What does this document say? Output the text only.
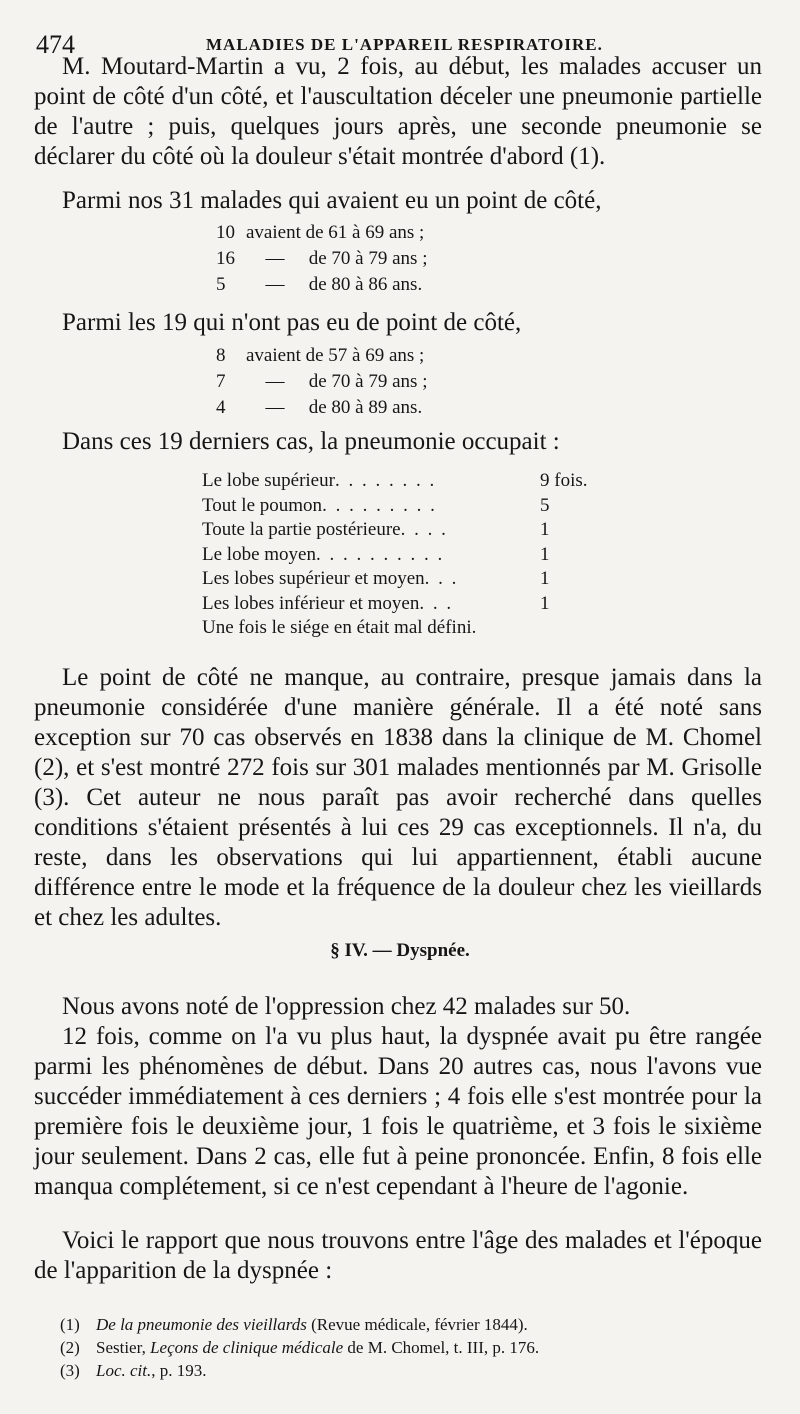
474	MALADIES DE L'APPAREIL RESPIRATOIRE.

M. Moutard-Martin a vu, 2 fois, au début, les malades accuser un point de côté d'un côté, et l'auscultation déceler une pneumonie partielle de l'autre ; puis, quelques jours après, une seconde pneumonie se déclarer du côté où la douleur s'était montrée d'abord (1).

Parmi nos 31 malades qui avaient eu un point de côté,

10 avaient de 61 à 69 ans ;
16 — de 70 à 79 ans ;
5 — de 80 à 86 ans.

Parmi les 19 qui n'ont pas eu de point de côté,

8 avaient de 57 à 69 ans ;
7 — de 70 à 79 ans ;
4 — de 80 à 89 ans.

Dans ces 19 derniers cas, la pneumonie occupait :

Le lobe supérieur. . . . . . . .	9 fois.
Tout le poumon. . . . . . . . .	5
Toute la partie postérieure. . . .	1
Le lobe moyen. . . . . . . . . .	1
Les lobes supérieur et moyen. . .	1
Les lobes inférieur et moyen. . .	1
Une fois le siége en était mal défini.

Le point de côté ne manque, au contraire, presque jamais dans la pneumonie considérée d'une manière générale. Il a été noté sans exception sur 70 cas observés en 1838 dans la clinique de M. Chomel (2), et s'est montré 272 fois sur 301 malades mentionnés par M. Grisolle (3). Cet auteur ne nous paraît pas avoir recherché dans quelles conditions s'étaient présentés à lui ces 29 cas exceptionnels. Il n'a, du reste, dans les observations qui lui appartiennent, établi aucune différence entre le mode et la fréquence de la douleur chez les vieillards et chez les adultes.

§ IV. — Dyspnée.

Nous avons noté de l'oppression chez 42 malades sur 50.

12 fois, comme on l'a vu plus haut, la dyspnée avait pu être rangée parmi les phénomènes de début. Dans 20 autres cas, nous l'avons vue succéder immédiatement à ces derniers ; 4 fois elle s'est montrée pour la première fois le deuxième jour, 1 fois le quatrième, et 3 fois le sixième jour seulement. Dans 2 cas, elle fut à peine prononcée. Enfin, 8 fois elle manqua complétement, si ce n'est cependant à l'heure de l'agonie.

Voici le rapport que nous trouvons entre l'âge des malades et l'époque de l'apparition de la dyspnée :

(1) De la pneumonie des vieillards (Revue médicale, février 1844).
(2) Sestier, Leçons de clinique médicale de M. Chomel, t. III, p. 176.
(3) Loc. cit., p. 193.
